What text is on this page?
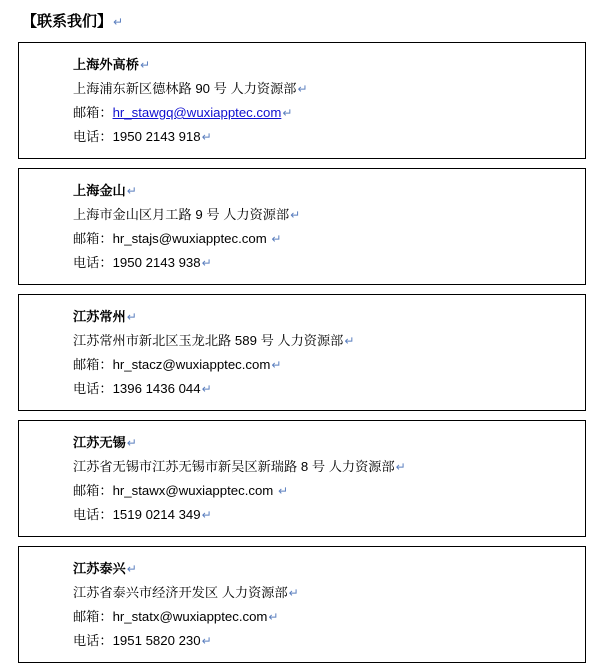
【联系我们】↵
上海外高桥↵
上海浦东新区德林路 90 号 人力资源部↵
邮箱：hr_stawgq@wuxiapptec.com↵
电话：1950 2143 918↵
上海金山↵
上海市金山区月工路 9 号 人力资源部↵
邮箱：hr_stajs@wuxiapptec.com ↵
电话：1950 2143 938↵
江苏常州↵
江苏常州市新北区玉龙北路 589 号 人力资源部↵
邮箱：hr_stacz@wuxiapptec.com↵
电话：1396 1436 044↵
江苏无锡↵
江苏省无锡市江苏无锡市新吴区新瑞路 8 号 人力资源部↵
邮箱：hr_stawx@wuxiapptec.com ↵
电话：1519 0214 349↵
江苏泰兴↵
江苏省泰兴市经济开发区 人力资源部↵
邮箱：hr_statx@wuxiapptec.com↵
电话：1951 5820 230↵
